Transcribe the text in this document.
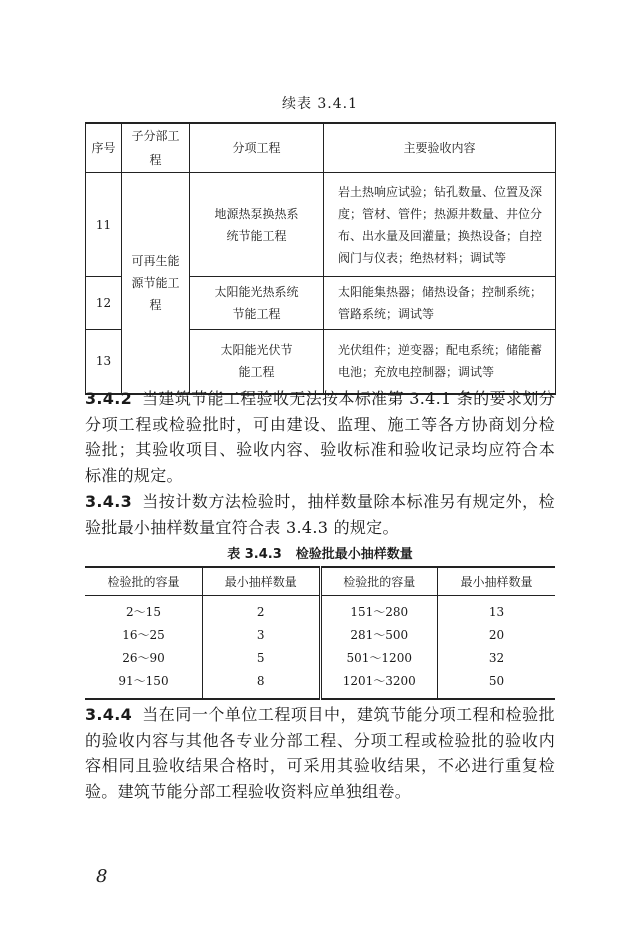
续表 3.4.1
序号	子分部工程	分项工程	主要验收内容
11	可再生能源节能工程	地源热泵换热系统节能工程	岩土热响应试验；钻孔数量、位置及深度；管材、管件；热源井数量、井位分布、出水量及回灌量；换热设备；自控阀门与仪表；绝热材料；调试等
12		太阳能光热系统节能工程	太阳能集热器；储热设备；控制系统；管路系统；调试等
13		太阳能光伏节能工程	光伏组件；逆变器；配电系统；储能蓄电池；充放电控制器；调试等
3.4.2 当建筑节能工程验收无法按本标准第 3.4.1 条的要求划分分项工程或检验批时，可由建设、监理、施工等各方协商划分检验批；其验收项目、验收内容、验收标准和验收记录均应符合本标准的规定。
3.4.3 当按计数方法检验时，抽样数量除本标准另有规定外，检验批最小抽样数量宜符合表 3.4.3 的规定。
表 3.4.3 检验批最小抽样数量
检验批的容量	最小抽样数量	检验批的容量	最小抽样数量
2～15	2	151～280	13
16～25	3	281～500	20
26～90	5	501～1200	32
91～150	8	1201～3200	50
3.4.4 当在同一个单位工程项目中，建筑节能分项工程和检验批的验收内容与其他各专业分部工程、分项工程或检验批的验收内容相同且验收结果合格时，可采用其验收结果，不必进行重复检验。建筑节能分部工程验收资料应单独组卷。
8
